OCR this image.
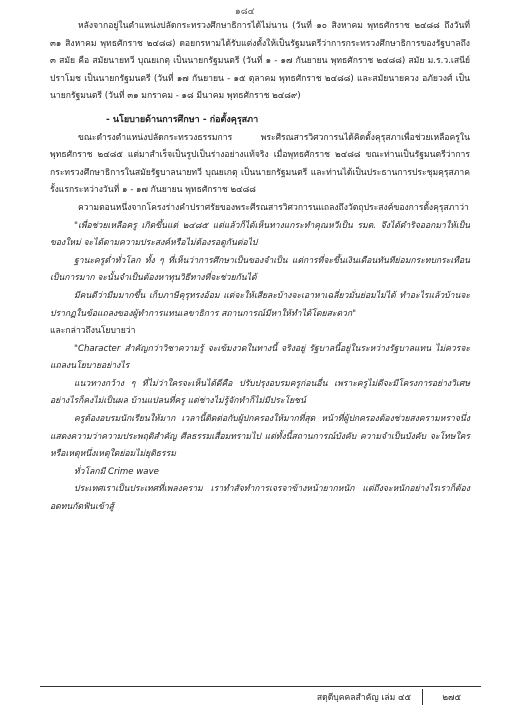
๑๘๔

หลังจากอยู่ในตำแหน่งปลัดกระทรวงศึกษาธิการได้ไม่นาน (วันที่ ๑๐ สิงหาคม พุทธศักราช ๒๔๘๘ ถึงวันที่ ๓๑ สิงหาคม พุทธศักราช ๒๔๘๘) ดอยกรหามได้รับแต่งตั้งให้เป็นรัฐมนตรีว่าการกระทรวงศึกษาธิการของรัฐบาลถึง ๓ สมัย คือ สมัยนายทวี บุณยเกตุ เป็นนายกรัฐมนตรี (วันที่ ๑ - ๑๗ กันยายน พุทธศักราช ๒๔๘๘) สมัย ม.ร.ว.เสนีย์ ปราโมช เป็นนายกรัฐมนตรี (วันที่ ๑๗ กันยายน - ๑๕ ตุลาคม พุทธศักราช ๒๔๘๘) และสมัยนายควง อภัยวงศ์ เป็นนายกรัฐมนตรี (วันที่ ๓๑ มกราคม - ๑๘ มีนาคม พุทธศักราช ๒๔๘๙)

- นโยบายด้านการศึกษา - ก่อตั้งคุรุสภา

ขณะดำรงตำแหน่งปลัดกระทรวงธรรมการ พระศีรณสารวิศวการนได้คิดตั้งคุรุสภาเพื่อช่วยเหลือครูใน พุทธศักราช ๒๔๘๕ แต่มาสำเร็จเป็นรูปเป็นร่างอย่างแท้จริง เมื่อพุทธศักราช ๒๔๘๘ ขณะท่านเป็นรัฐมนตรีว่าการกระทรวงศึกษาธิการในสมัยรัฐบาลนายทวี บุณยเกตุ เป็นนายกรัฐมนตรี และท่านได้เป็นประธานการประชุมคุรุสภาครั้งแรกระหว่างวันที่ ๑ - ๑๗ กันยายน พุทธศักราช ๒๔๘๘

ความตอนหนึ่งจากโครงร่างคำปราศรัยของพระศีรณสารวิศวการนแถลงถึงวัตถุประสงค์ของการตั้งคุรุสภาว่า

"เพื่อช่วยเหลือครู เกิดขึ้นแต่ ๒๔๘๕ แต่แล้วก็ได้เห็นทางแกระทำคุณหวีเป็น รมต. จึงได้ดำริจออกมาให้เป็นของใหม่ จะได้ตามความประสงค์หรือไม่ต้องรอดูกันต่อไป

ฐานะครูต่ำทั่วโลก ทั้ง ๆ ที่เห็นว่าการศึกษาเป็นของจำเป็น แต่การที่จะขึ้นเงินเดือนทันทีย่อมกระทบกระเทือนเป็นการมาก จะนั้นจำเป็นต้องหาทุนวิธีทางที่จะช่วยกันได้

มีคนดีว่ามีมมากขึ้น เก็บภาษีคุรุทรงอ้อม แต่จะให้เสียละบ้างจะเอาหาเฉลี่ยวมั่นย่อมไม่ได้ ทำอะไรแล้วบ้านจะปรากฏในข้อแถลงของผู้ทำการแทนเลขาธิการ สถานการณ์มีหาให้ทำได้โดยสะดวก"

และกล่าวถึงนโยบายว่า

"Character สำคัญกว่าวิชาความรู้ จะเข้มงวดในทางนี้ จริงอยู่ รัฐบาลนี้อยู่ในระหว่างรัฐบาลแทน ไม่ควรจะแถลงนโยบายอย่างไร

แนวทางกว้าง ๆ ที่ไม่ว่าใครจะเห็นได้ดีคือ ปรับปรุงอบรมครูก่อนอื่น เพราะครูไม่ดีจะมีโครงการอย่างวิเศษอย่างไรก็คงไม่เป็นผล บ้านแปลนที่ครู แต่ช่างไม่รู้จักทำก็ไม่มีประโยชน์

ครูต้องอบรมนักเรียนให้มาก เวลานี้ติดต่อกับผู้ปกครองให้มากที่สุด หน้าที่ผู้ปกครองต้องช่วยสงครามหราจนึ่งแสดงความว่าความประพฤติสำคัญ ศีลธรรมเสื่อมทรามไป แต่ทั้งนี้สถานการณ์บังคับ ความจำเป็นบังคับ จะโทษใครหรือเหตุหนึ่งเหตุใดย่อมไม่ยุติธรรม

ทั่วโลกมี Crime wave

ประเทศเราเป็นประเทศที่เพลงคราม เราทำสัจทำการเจรจาข้างหน้ายากหนัก แต่ถึงจะหนักอย่างไรเราก็ต้องอดทนกัดฟันเข้าสู้

สดุดีบุคคลสำคัญ เล่ม ๔๕	๒๗๕
